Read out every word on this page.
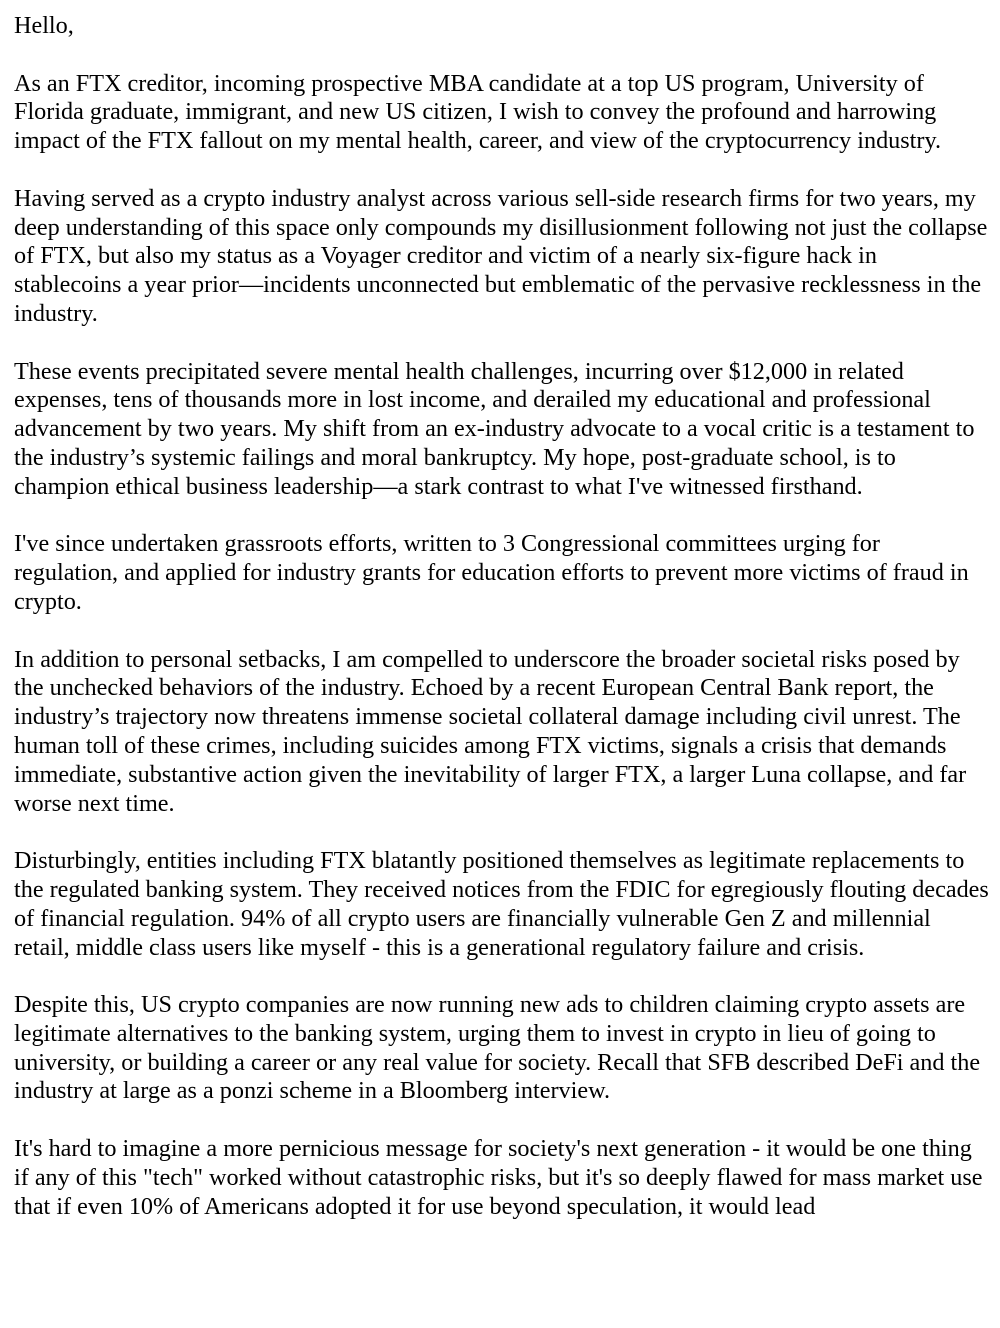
Hello,

As an FTX creditor, incoming prospective MBA candidate at a top US program, University of Florida graduate, immigrant, and new US citizen, I wish to convey the profound and harrowing impact of the FTX fallout on my mental health, career, and view of the cryptocurrency industry.

Having served as a crypto industry analyst across various sell-side research firms for two years, my deep understanding of this space only compounds my disillusionment following not just the collapse of FTX, but also my status as a Voyager creditor and victim of a nearly six-figure hack in stablecoins a year prior—incidents unconnected but emblematic of the pervasive recklessness in the industry.

These events precipitated severe mental health challenges, incurring over $12,000 in related expenses, tens of thousands more in lost income, and derailed my educational and professional advancement by two years. My shift from an ex-industry advocate to a vocal critic is a testament to the industry’s systemic failings and moral bankruptcy. My hope, post-graduate school, is to champion ethical business leadership—a stark contrast to what I've witnessed firsthand.

I've since undertaken grassroots efforts, written to 3 Congressional committees urging for regulation, and applied for industry grants for education efforts to prevent more victims of fraud in crypto.

In addition to personal setbacks, I am compelled to underscore the broader societal risks posed by the unchecked behaviors of the industry. Echoed by a recent European Central Bank report, the industry’s trajectory now threatens immense societal collateral damage including civil unrest. The human toll of these crimes, including suicides among FTX victims, signals a crisis that demands immediate, substantive action given the inevitability of larger FTX, a larger Luna collapse, and far worse next time.

Disturbingly, entities including FTX blatantly positioned themselves as legitimate replacements to the regulated banking system. They received notices from the FDIC for egregiously flouting decades of financial regulation. 94% of all crypto users are financially vulnerable Gen Z and millennial retail, middle class users like myself - this is a generational regulatory failure and crisis.

Despite this, US crypto companies are now running new ads to children claiming crypto assets are legitimate alternatives to the banking system, urging them to invest in crypto in lieu of going to university, or building a career or any real value for society. Recall that SFB described DeFi and the industry at large as a ponzi scheme in a Bloomberg interview.

It's hard to imagine a more pernicious message for society's next generation - it would be one thing if any of this "tech" worked without catastrophic risks, but it's so deeply flawed for mass market use that if even 10% of Americans adopted it for use beyond speculation, it would lead
